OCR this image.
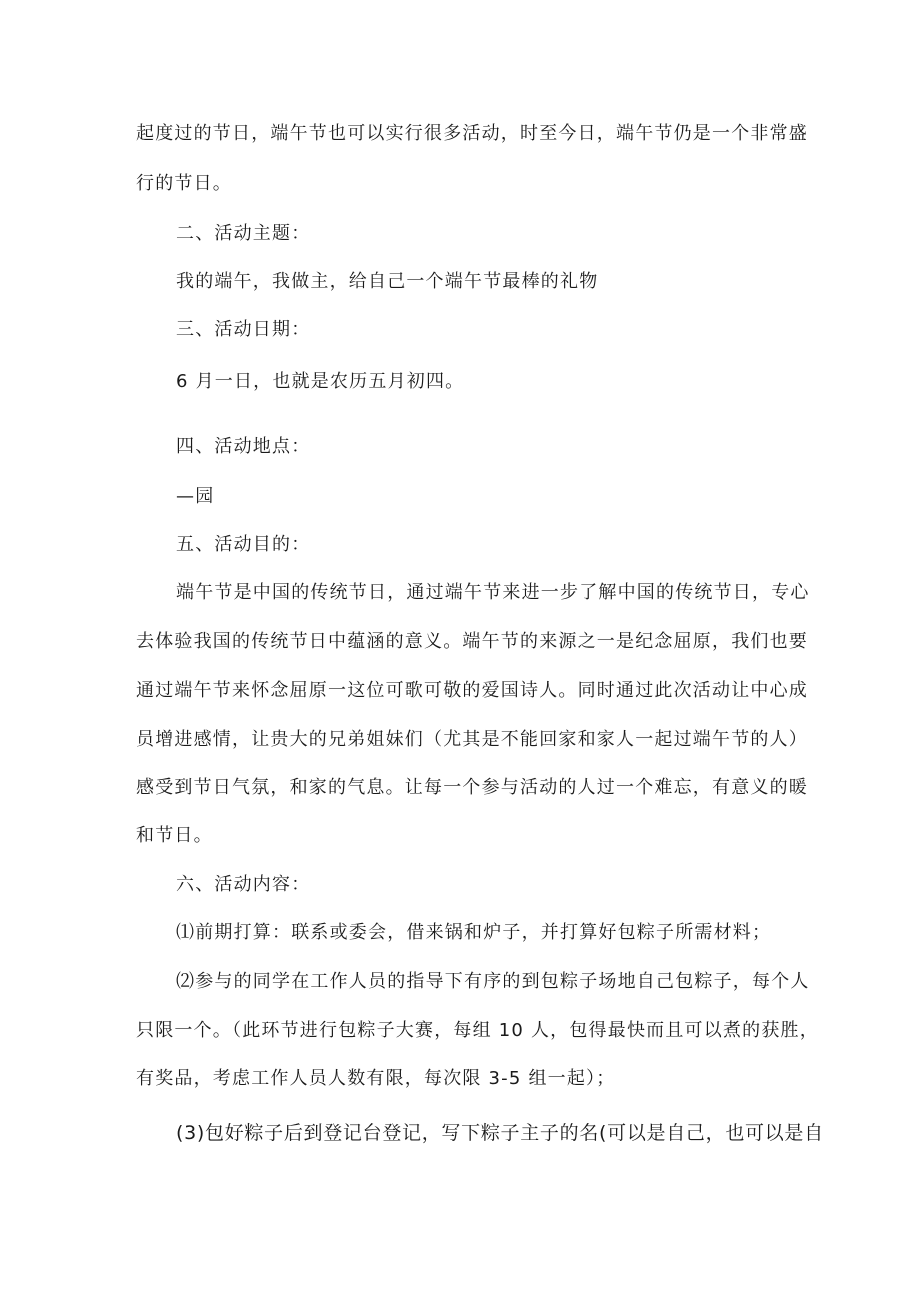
起度过的节日，端午节也可以实行很多活动，时至今日，端午节仍是一个非常盛
行的节日。
二、活动主题：
我的端午，我做主，给自己一个端午节最棒的礼物
三、活动日期：
6 月一日，也就是农历五月初四。
四、活动地点：
—园
五、活动目的：
端午节是中国的传统节日，通过端午节来进一步了解中国的传统节日，专心
去体验我国的传统节日中蕴涵的意义。端午节的来源之一是纪念屈原，我们也要
通过端午节来怀念屈原一这位可歌可敬的爱国诗人。同时通过此次活动让中心成
员增进感情，让贵大的兄弟姐妹们（尤其是不能回家和家人一起过端午节的人）
感受到节日气氛，和家的气息。让每一个参与活动的人过一个难忘，有意义的暖
和节日。
六、活动内容：
⑴前期打算：联系或委会，借来锅和炉子，并打算好包粽子所需材料；
⑵参与的同学在工作人员的指导下有序的到包粽子场地自己包粽子，每个人
只限一个。（此环节进行包粽子大赛，每组 10 人，包得最快而且可以煮的获胜，
有奖品，考虑工作人员人数有限，每次限 3-5 组一起）；
(3)包好粽子后到登记台登记，写下粽子主子的名(可以是自己，也可以是自
